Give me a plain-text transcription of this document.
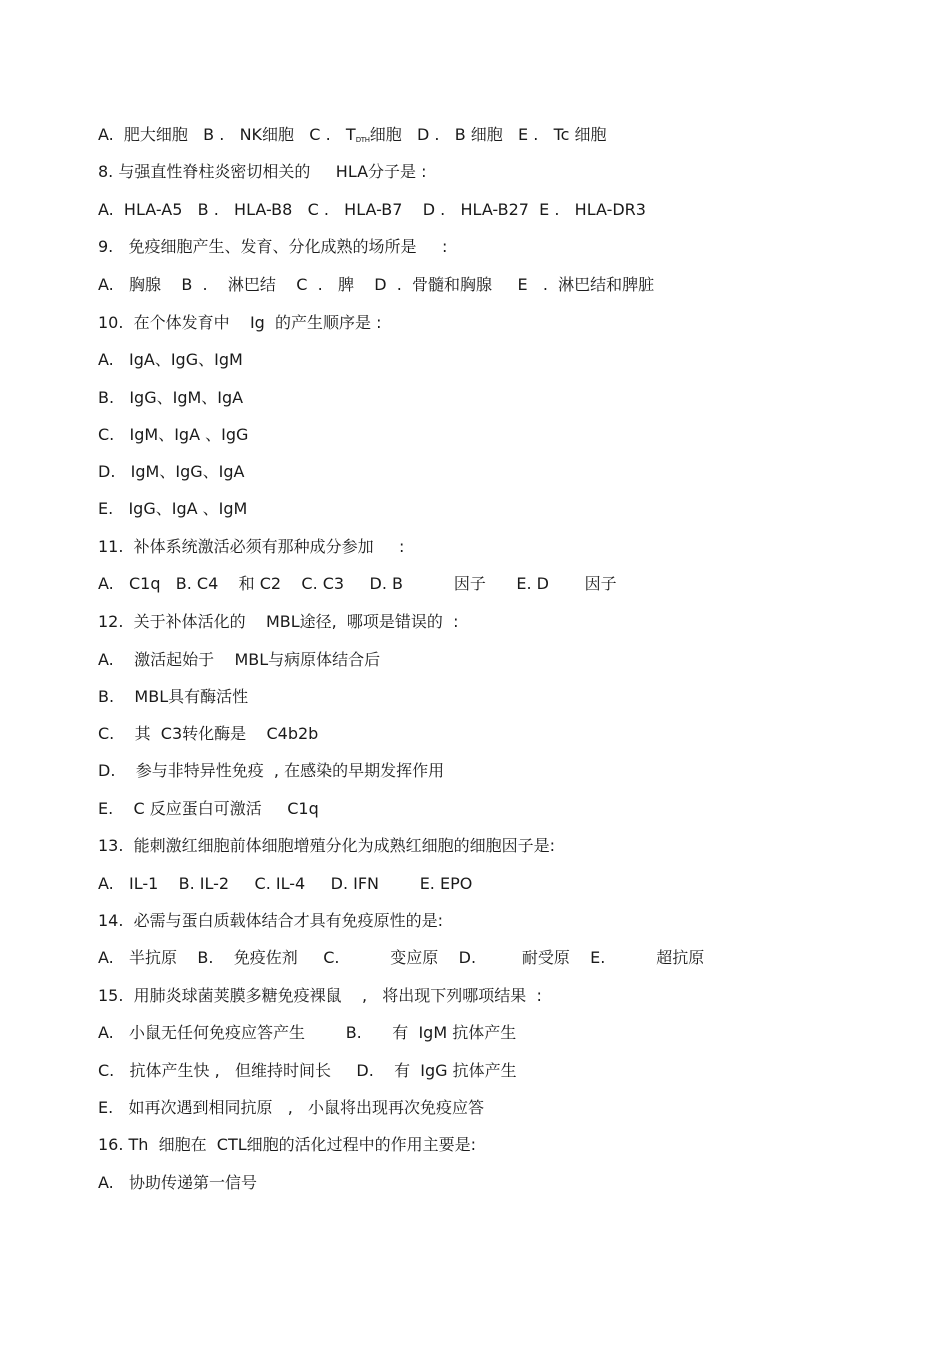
A.  肥大细胞   B .   NK细胞   C .   $T_{DTH}$细胞   D .   B 细胞   E .   Tc 细胞
8. 与强直性脊柱炎密切相关的     HLA分子是 :
A.  HLA-A5   B .   HLA-B8   C .   HLA-B7    D .   HLA-B27  E .   HLA-DR3
9.   免疫细胞产生、发育、分化成熟的场所是     :
A.   胸腺    B  .    淋巴结    C  .   脾    D  .  骨髓和胸腺     E   .  淋巴结和脾脏
10.  在个体发育中    Ig  的产生顺序是 :
A.   IgA、IgG、IgM
B.   IgG、IgM、IgA
C.   IgM、IgA 、IgG
D.   IgM、IgG、IgA
E.   IgG、IgA 、IgM
11.  补体系统激活必须有那种成分参加     :
A.   C1q   B. C4    和 C2    C. C3     D. B          因子      E. D       因子
12.  关于补体活化的    MBL途径,  哪项是错误的  :
A.    激活起始于    MBL与病原体结合后
B.    MBL具有酶活性
C.    其  C3转化酶是    C4b2b
D.    参与非特异性免疫  , 在感染的早期发挥作用
E.    C 反应蛋白可激活     C1q
13.  能刺激红细胞前体细胞增殖分化为成熟红细胞的细胞因子是:
A.   IL-1    B. IL-2     C. IL-4     D. IFN        E. EPO
14.  必需与蛋白质载体结合才具有免疫原性的是:
A.   半抗原    B.    免疫佐剂     C.          变应原    D.         耐受原    E.          超抗原
15.  用肺炎球菌荚膜多糖免疫裸鼠    ,   将出现下列哪项结果  :
A.   小鼠无任何免疫应答产生        B.      有  IgM 抗体产生
C.   抗体产生快 ,   但维持时间长     D.    有  IgG 抗体产生
E.   如再次遇到相同抗原   ,   小鼠将出现再次免疫应答
16. Th  细胞在  CTL细胞的活化过程中的作用主要是:
A.   协助传递第一信号
